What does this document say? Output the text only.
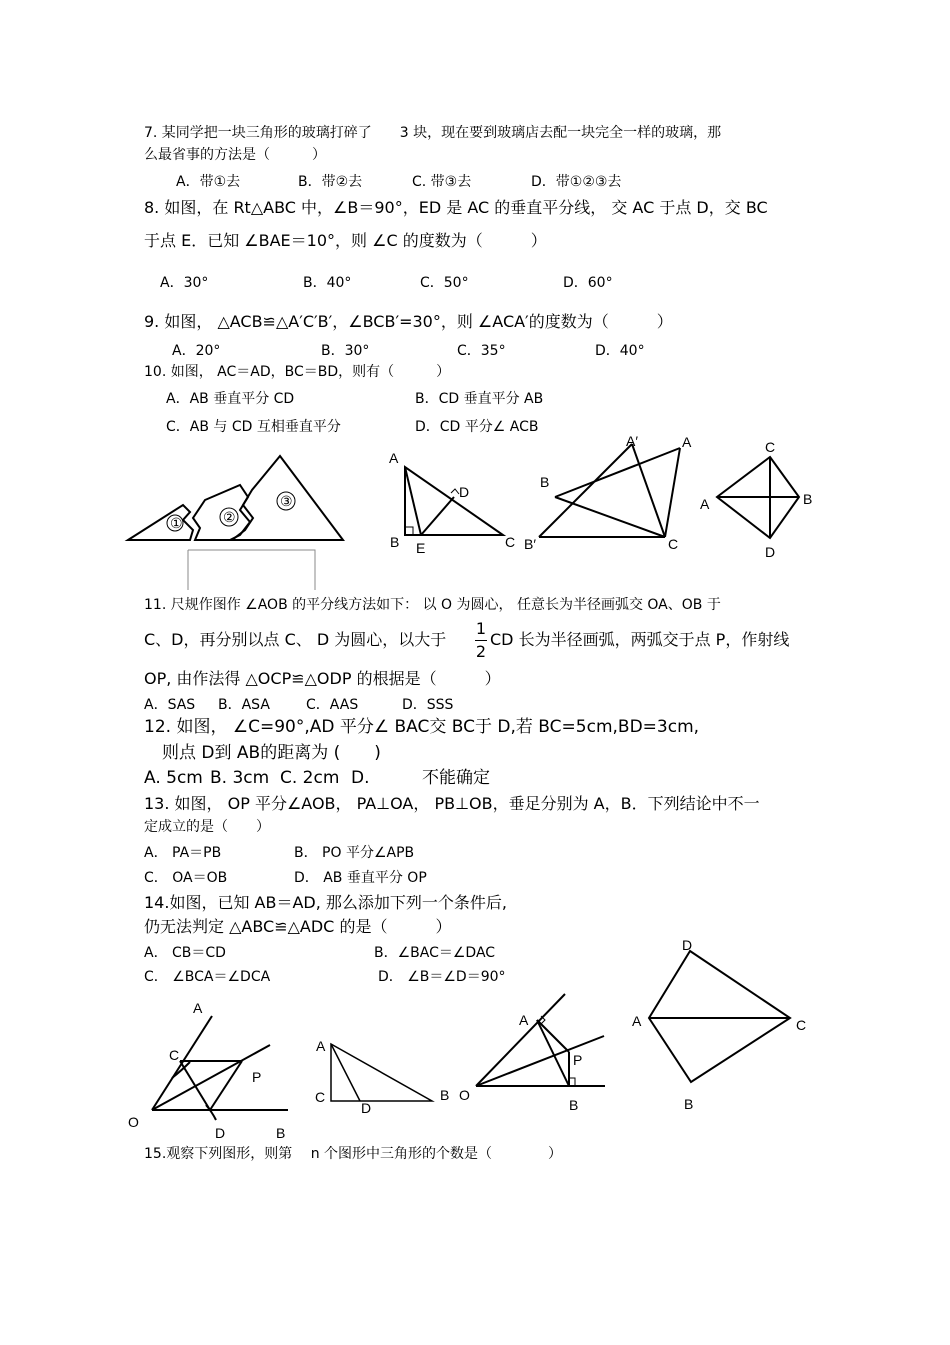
7. 某同学把一块三角形的玻璃打碎了　　3 块，现在要到玻璃店去配一块完全一样的玻璃，那
么最省事的方法是（　　　）
A．带①去	B．带②去	C. 带③去	D．带①②③去
8. 如图，在 Rt△ABC 中，∠B＝90°，ED 是 AC 的垂直平分线， 交 AC 于点 D，交 BC
于点 E．已知 ∠BAE＝10°，则 ∠C 的度数为（　　　）
A．30°	B．40°	C．50°	D．60°
9. 如图， △ACB≌△A′C′B′，∠BCB′=30°，则 ∠ACA′的度数为（　　　）
A．20°	B．30°	C．35°	D．40°
10. 如图， AC＝AD，BC＝BD，则有（　　　）
A．AB 垂直平分 CD	B．CD 垂直平分 AB
C．AB 与 CD 互相垂直平分	D．CD 平分∠ ACB
①	②
③
A
D
B E	C
A′	A
B
B′	C
C
A	B
D
11. 尺规作图作 ∠AOB 的平分线方法如下： 以 O 为圆心， 任意长为半径画弧交 OA、OB 于
C、D，再分别以点 C、 D 为圆心，以大于
1
2
CD 长为半径画弧，两弧交于点 P，作射线
OP, 由作法得 △OCP≌△ODP 的根据是（　　　）
A．SAS B．ASA	C．AAS	D．SSS
12. 如图， ∠C=90°,AD 平分∠ BAC交 BC于 D,若 BC=5cm,BD=3cm,
则点 D到 AB的距离为 (　　)
A. 5cm B. 3cm C. 2cm D.	不能确定
13. 如图， OP 平分∠AOB， PA⊥OA， PB⊥OB，垂足分别为 A，B．下列结论中不一
定成立的是（　　）
A． PA＝PB	B． PO 平分∠APB
C． OA＝OB	D． AB 垂直平分 OP
14.如图，已知 AB＝AD, 那么添加下列一个条件后,
仍无法判定 △ABC≌△ADC 的是（　　　）
A． CB＝CD	B．∠BAC＝∠DAC
C． ∠BCA＝∠DCA	D． ∠B＝∠D＝90°
A
C
P
O
D	B
A
C
D
B
A
P
O
B
D
A	C
B
15.观察下列图形，则第　 n 个图形中三角形的个数是（　　　　）
